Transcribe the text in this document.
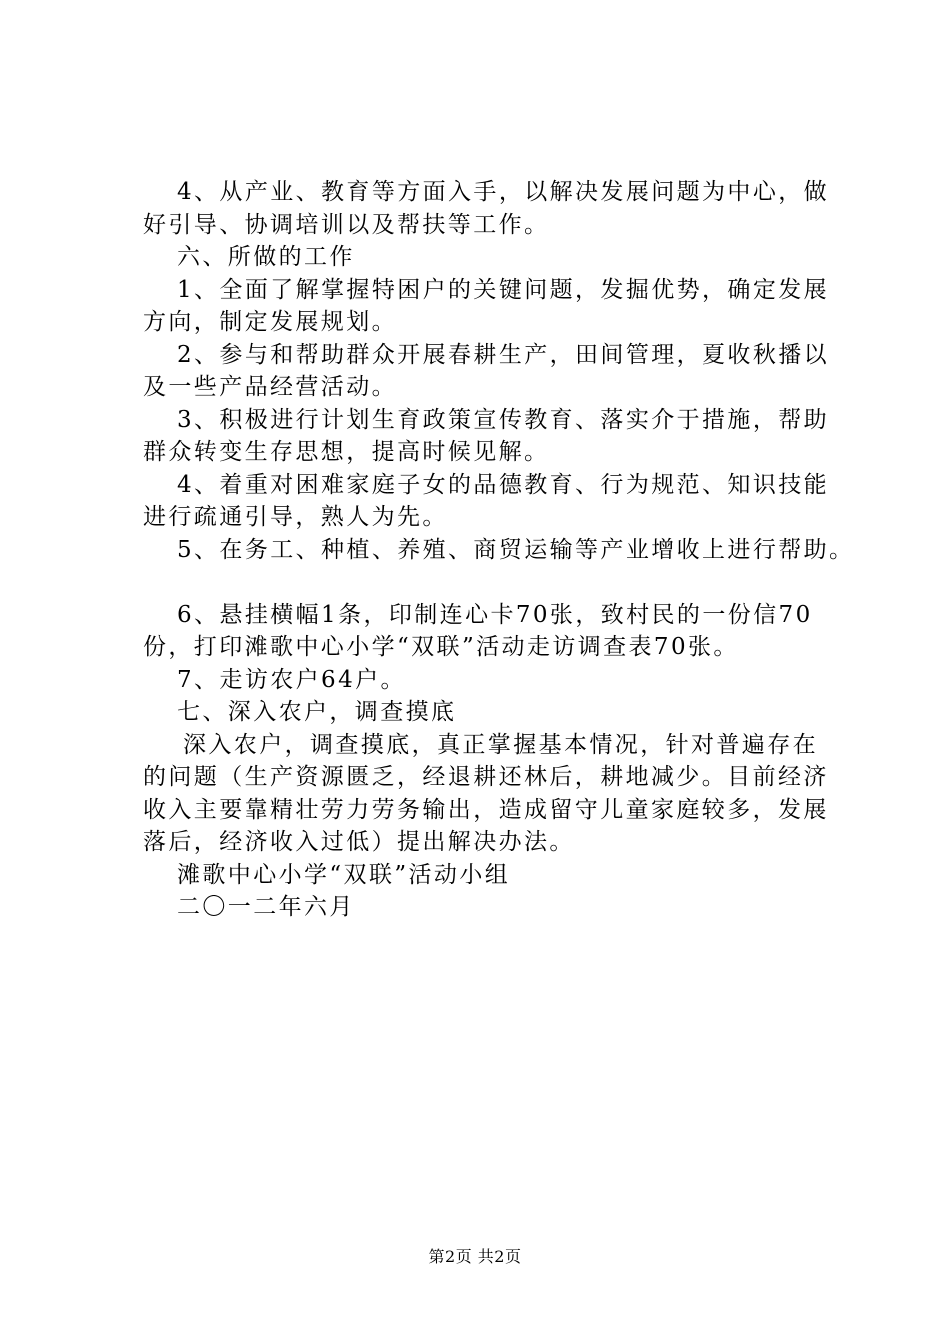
4、从产业、教育等方面入手，以解决发展问题为中心，做
好引导、协调培训以及帮扶等工作。
六、所做的工作
1、全面了解掌握特困户的关键问题，发掘优势，确定发展
方向，制定发展规划。
2、参与和帮助群众开展春耕生产，田间管理，夏收秋播以
及一些产品经营活动。
3、积极进行计划生育政策宣传教育、落实介于措施，帮助
群众转变生存思想，提高时候见解。
4、着重对困难家庭子女的品德教育、行为规范、知识技能
进行疏通引导，熟人为先。
5、在务工、种植、养殖、商贸运输等产业增收上进行帮助。
6、悬挂横幅1条，印制连心卡70张，致村民的一份信70
份，打印滩歌中心小学“双联”活动走访调查表70张。
7、走访农户64户。
七、深入农户，调查摸底
深入农户，调查摸底，真正掌握基本情况，针对普遍存在
的问题（生产资源匮乏，经退耕还林后，耕地减少。目前经济
收入主要靠精壮劳力劳务输出，造成留守儿童家庭较多，发展
落后，经济收入过低）提出解决办法。
滩歌中心小学“双联”活动小组
二〇一二年六月
第2页 共2页
